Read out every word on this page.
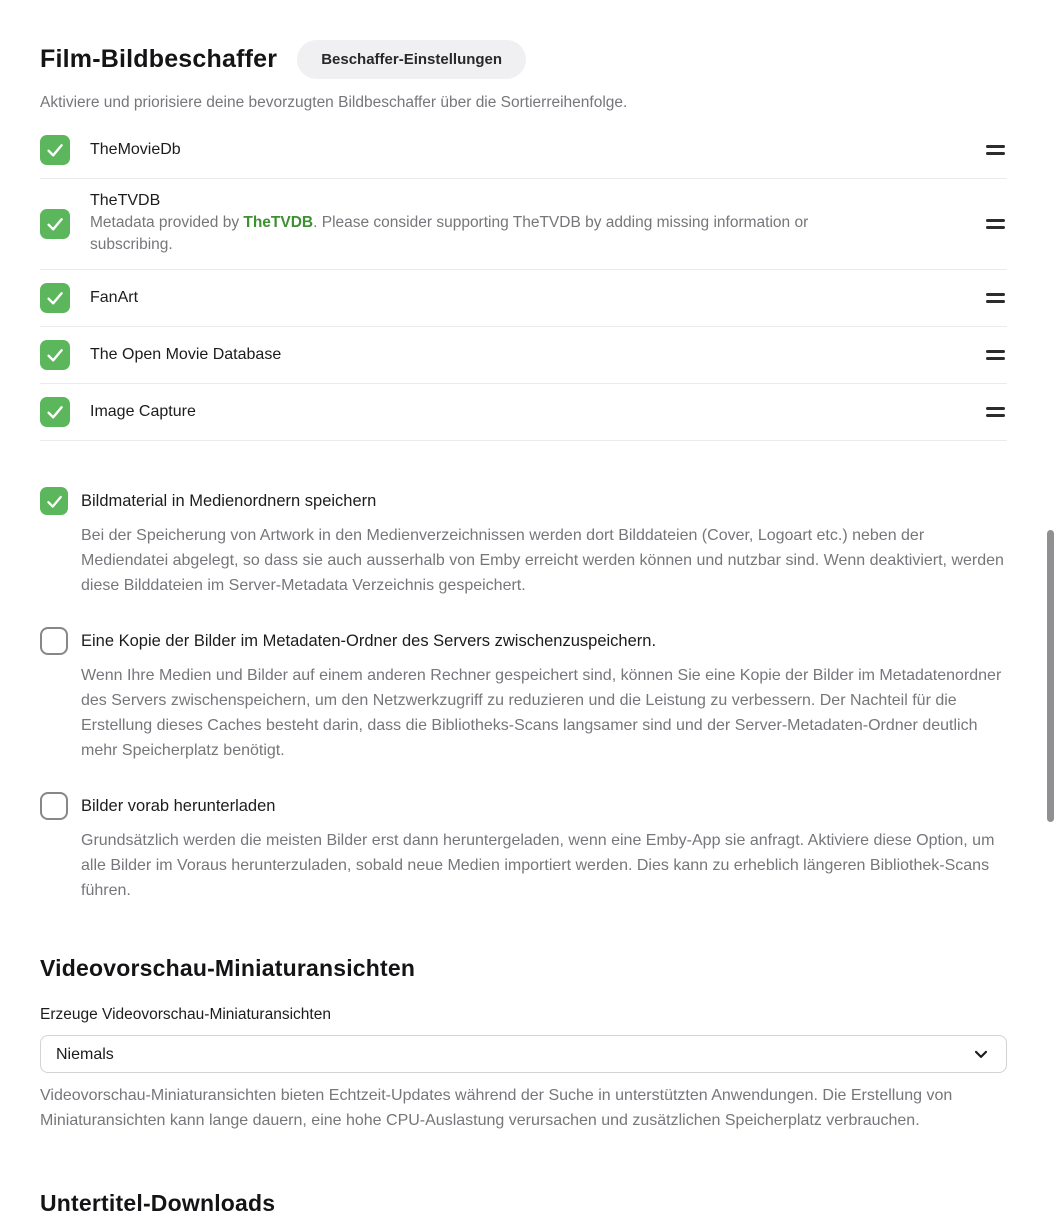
Film-Bildbeschaffer	Beschaffer-Einstellungen

Aktiviere und priorisiere deine bevorzugten Bildbeschaffer über die Sortierreihenfolge.

TheMovieDb
TheTVDB
Metadata provided by TheTVDB. Please consider supporting TheTVDB by adding missing information or subscribing.
FanArt
The Open Movie Database
Image Capture
Bildmaterial in Medienordnern speichern

Bei der Speicherung von Artwork in den Medienverzeichnissen werden dort Bilddateien (Cover, Logoart etc.) neben der Mediendatei abgelegt, so dass sie auch ausserhalb von Emby erreicht werden können und nutzbar sind. Wenn deaktiviert, werden diese Bilddateien im Server-Metadata Verzeichnis gespeichert.

Eine Kopie der Bilder im Metadaten-Ordner des Servers zwischenzuspeichern.

Wenn Ihre Medien und Bilder auf einem anderen Rechner gespeichert sind, können Sie eine Kopie der Bilder im Metadatenordner des Servers zwischenspeichern, um den Netzwerkzugriff zu reduzieren und die Leistung zu verbessern. Der Nachteil für die Erstellung dieses Caches besteht darin, dass die Bibliotheks-Scans langsamer sind und der Server-Metadaten-Ordner deutlich mehr Speicherplatz benötigt.

Bilder vorab herunterladen

Grundsätzlich werden die meisten Bilder erst dann heruntergeladen, wenn eine Emby-App sie anfragt. Aktiviere diese Option, um alle Bilder im Voraus herunterzuladen, sobald neue Medien importiert werden. Dies kann zu erheblich längeren Bibliothek-Scans führen.

Videovorschau-Miniaturansichten
Erzeuge Videovorschau-Miniaturansichten
Niemals

Videovorschau-Miniaturansichten bieten Echtzeit-Updates während der Suche in unterstützten Anwendungen. Die Erstellung von Miniaturansichten kann lange dauern, eine hohe CPU-Auslastung verursachen und zusätzlichen Speicherplatz verbrauchen.

Untertitel-Downloads
